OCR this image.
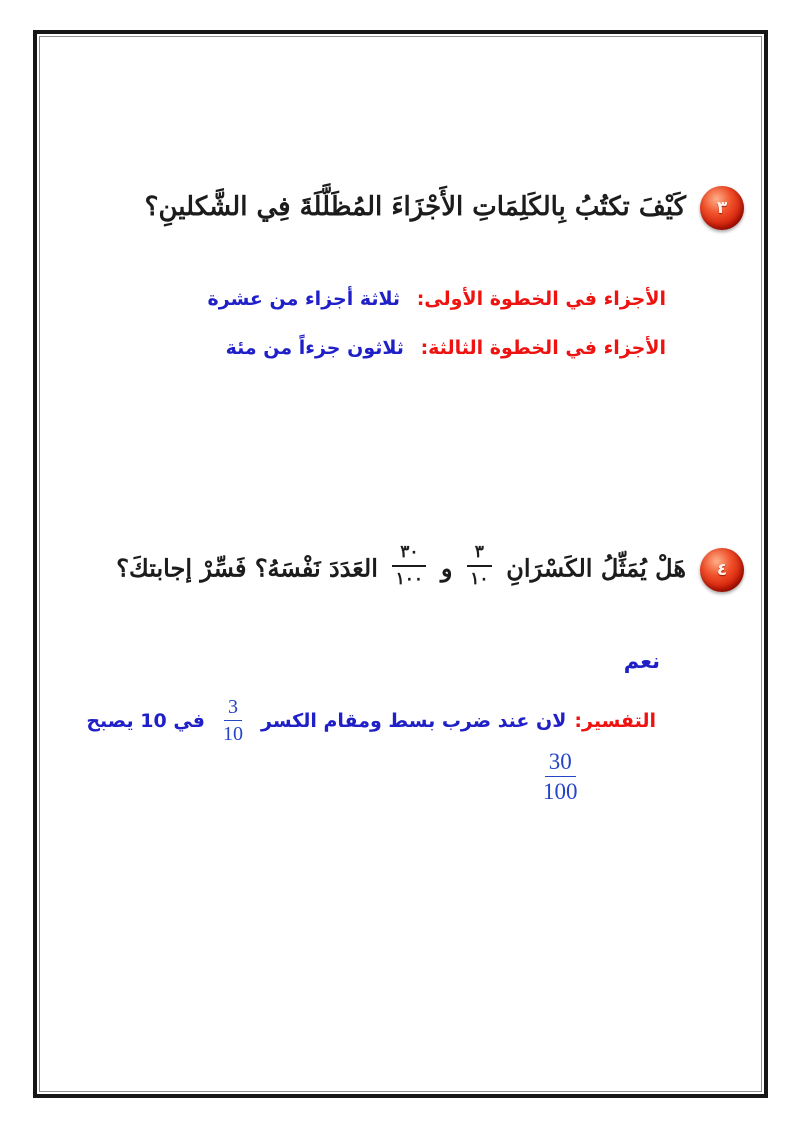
٣
كَيْفَ تكتُبُ بِالكَلِمَاتِ الأَجْزَاءَ المُظَلَّلَةَ فِي الشَّكلينِ؟
الأجزاء في الخطوة الأولى: ثلاثة أجزاء من عشرة
الأجزاء في الخطوة الثالثة: ثلاثون جزءاً من مئة
٤
هَلْ يُمَثِّلُ الكَسْرَانِ
$\frac{٣}{١٠}$
و
$\frac{٣٠}{١٠٠}$
العَدَدَ نَفْسَهُ؟ فَسِّرْ إجابتكَ؟
نعم
التفسير:
لان عند ضرب بسط ومقام الكسر
$\frac{3}{10}$
في 10 يصبح
$\frac{30}{100}$
